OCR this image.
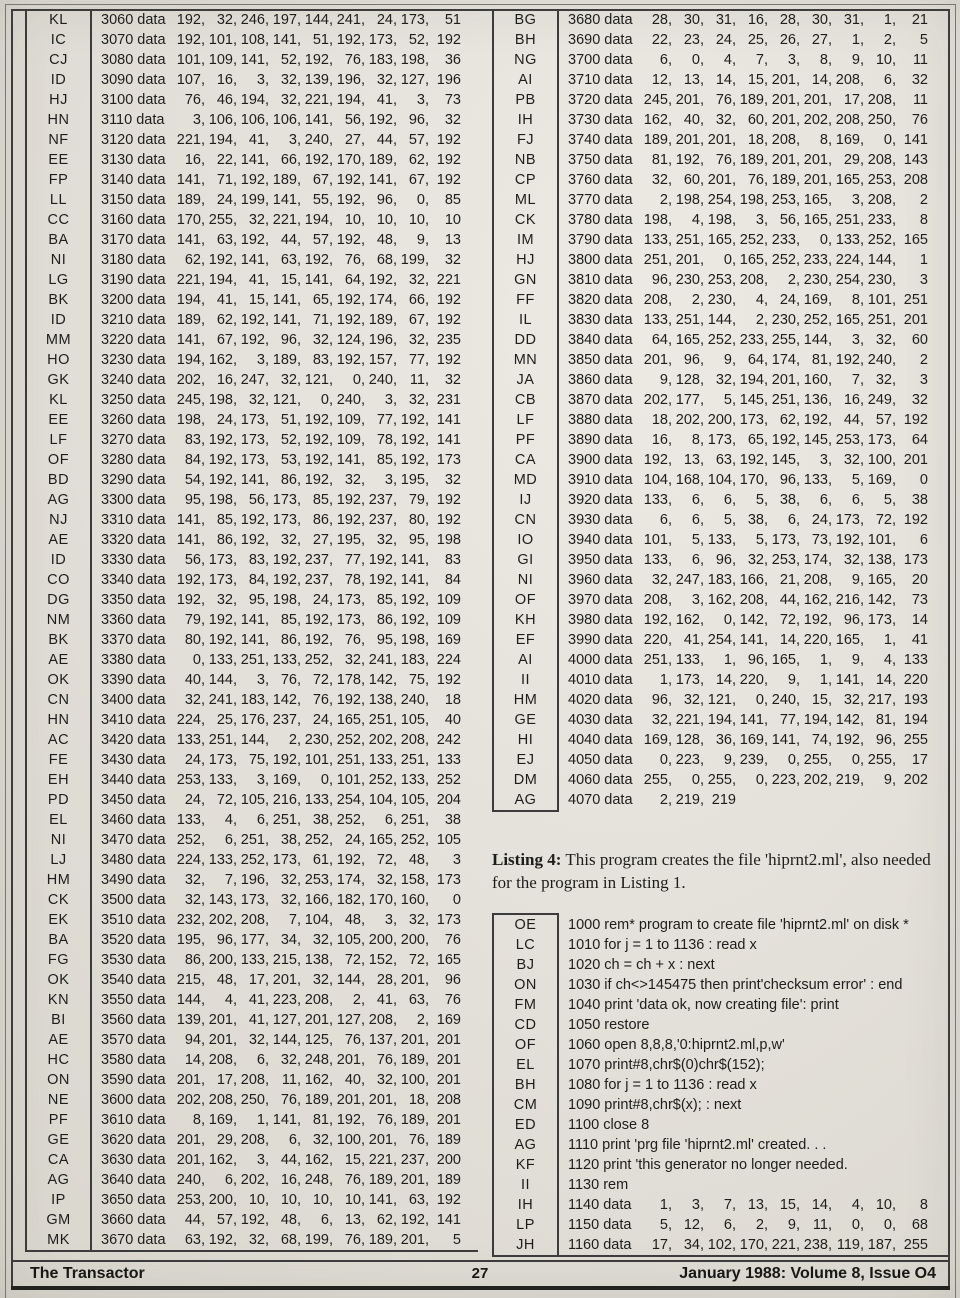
KL	3060 data 192, 32, 246, 197, 144, 241, 24, 173, 51
IC	3070 data 192, 101, 108, 141, 51, 192, 173, 52, 192
CJ	3080 data 101, 109, 141, 52, 192, 76, 183, 198, 36
ID	3090 data 107, 16, 3, 32, 139, 196, 32, 127, 196
HJ	3100 data 76, 46, 194, 32, 221, 194, 41, 3, 73
HN	3110 data 3, 106, 106, 106, 141, 56, 192, 96, 32
NF	3120 data 221, 194, 41, 3, 240, 27, 44, 57, 192
EE	3130 data 16, 22, 141, 66, 192, 170, 189, 62, 192
FP	3140 data 141, 71, 192, 189, 67, 192, 141, 67, 192
LL	3150 data 189, 24, 199, 141, 55, 192, 96, 0, 85
CC	3160 data 170, 255, 32, 221, 194, 10, 10, 10, 10
BA	3170 data 141, 63, 192, 44, 57, 192, 48, 9, 13
NI	3180 data 62, 192, 141, 63, 192, 76, 68, 199, 32
LG	3190 data 221, 194, 41, 15, 141, 64, 192, 32, 221
BK	3200 data 194, 41, 15, 141, 65, 192, 174, 66, 192
ID	3210 data 189, 62, 192, 141, 71, 192, 189, 67, 192
MM	3220 data 141, 67, 192, 96, 32, 124, 196, 32, 235
HO	3230 data 194, 162, 3, 189, 83, 192, 157, 77, 192
GK	3240 data 202, 16, 247, 32, 121, 0, 240, 11, 32
KL	3250 data 245, 198, 32, 121, 0, 240, 3, 32, 231
EE	3260 data 198, 24, 173, 51, 192, 109, 77, 192, 141
LF	3270 data 83, 192, 173, 52, 192, 109, 78, 192, 141
OF	3280 data 84, 192, 173, 53, 192, 141, 85, 192, 173
BD	3290 data 54, 192, 141, 86, 192, 32, 3, 195, 32
AG	3300 data 95, 198, 56, 173, 85, 192, 237, 79, 192
NJ	3310 data 141, 85, 192, 173, 86, 192, 237, 80, 192
AE	3320 data 141, 86, 192, 32, 27, 195, 32, 95, 198
ID	3330 data 56, 173, 83, 192, 237, 77, 192, 141, 83
CO	3340 data 192, 173, 84, 192, 237, 78, 192, 141, 84
DG	3350 data 192, 32, 95, 198, 24, 173, 85, 192, 109
NM	3360 data 79, 192, 141, 85, 192, 173, 86, 192, 109
BK	3370 data 80, 192, 141, 86, 192, 76, 95, 198, 169
AE	3380 data 0, 133, 251, 133, 252, 32, 241, 183, 224
OK	3390 data 40, 144, 3, 76, 72, 178, 142, 75, 192
CN	3400 data 32, 241, 183, 142, 76, 192, 138, 240, 18
HN	3410 data 224, 25, 176, 237, 24, 165, 251, 105, 40
AC	3420 data 133, 251, 144, 2, 230, 252, 202, 208, 242
FE	3430 data 24, 173, 75, 192, 101, 251, 133, 251, 133
EH	3440 data 253, 133, 3, 169, 0, 101, 252, 133, 252
PD	3450 data 24, 72, 105, 216, 133, 254, 104, 105, 204
EL	3460 data 133, 4, 6, 251, 38, 252, 6, 251, 38
NI	3470 data 252, 6, 251, 38, 252, 24, 165, 252, 105
LJ	3480 data 224, 133, 252, 173, 61, 192, 72, 48, 3
HM	3490 data 32, 7, 196, 32, 253, 174, 32, 158, 173
CK	3500 data 32, 143, 173, 32, 166, 182, 170, 160, 0
EK	3510 data 232, 202, 208, 7, 104, 48, 3, 32, 173
BA	3520 data 195, 96, 177, 34, 32, 105, 200, 200, 76
FG	3530 data 86, 200, 133, 215, 138, 72, 152, 72, 165
OK	3540 data 215, 48, 17, 201, 32, 144, 28, 201, 96
KN	3550 data 144, 4, 41, 223, 208, 2, 41, 63, 76
BI	3560 data 139, 201, 41, 127, 201, 127, 208, 2, 169
AE	3570 data 94, 201, 32, 144, 125, 76, 137, 201, 201
HC	3580 data 14, 208, 6, 32, 248, 201, 76, 189, 201
ON	3590 data 201, 17, 208, 11, 162, 40, 32, 100, 201
NE	3600 data 202, 208, 250, 76, 189, 201, 201, 18, 208
PF	3610 data 8, 169, 1, 141, 81, 192, 76, 189, 201
GE	3620 data 201, 29, 208, 6, 32, 100, 201, 76, 189
CA	3630 data 201, 162, 3, 44, 162, 15, 221, 237, 200
AG	3640 data 240, 6, 202, 16, 248, 76, 189, 201, 189
IP	3650 data 253, 200, 10, 10, 10, 10, 141, 63, 192
GM	3660 data 44, 57, 192, 48, 6, 13, 62, 192, 141
MK	3670 data 63, 192, 32, 68, 199, 76, 189, 201, 5
BG	3680 data 28, 30, 31, 16, 28, 30, 31, 1, 21
BH	3690 data 22, 23, 24, 25, 26, 27, 1, 2, 5
NG	3700 data 6, 0, 4, 7, 3, 8, 9, 10, 11
AI	3710 data 12, 13, 14, 15, 201, 14, 208, 6, 32
PB	3720 data 245, 201, 76, 189, 201, 201, 17, 208, 11
IH	3730 data 162, 40, 32, 60, 201, 202, 208, 250, 76
FJ	3740 data 189, 201, 201, 18, 208, 8, 169, 0, 141
NB	3750 data 81, 192, 76, 189, 201, 201, 29, 208, 143
CP	3760 data 32, 60, 201, 76, 189, 201, 165, 253, 208
ML	3770 data 2, 198, 254, 198, 253, 165, 3, 208, 2
CK	3780 data 198, 4, 198, 3, 56, 165, 251, 233, 8
IM	3790 data 133, 251, 165, 252, 233, 0, 133, 252, 165
HJ	3800 data 251, 201, 0, 165, 252, 233, 224, 144, 1
GN	3810 data 96, 230, 253, 208, 2, 230, 254, 230, 3
FF	3820 data 208, 2, 230, 4, 24, 169, 8, 101, 251
IL	3830 data 133, 251, 144, 2, 230, 252, 165, 251, 201
DD	3840 data 64, 165, 252, 233, 255, 144, 3, 32, 60
MN	3850 data 201, 96, 9, 64, 174, 81, 192, 240, 2
JA	3860 data 9, 128, 32, 194, 201, 160, 7, 32, 3
CB	3870 data 202, 177, 5, 145, 251, 136, 16, 249, 32
LF	3880 data 18, 202, 200, 173, 62, 192, 44, 57, 192
PF	3890 data 16, 8, 173, 65, 192, 145, 253, 173, 64
CA	3900 data 192, 13, 63, 192, 145, 3, 32, 100, 201
MD	3910 data 104, 168, 104, 170, 96, 133, 5, 169, 0
IJ	3920 data 133, 6, 6, 5, 38, 6, 6, 5, 38
CN	3930 data 6, 6, 5, 38, 6, 24, 173, 72, 192
IO	3940 data 101, 5, 133, 5, 173, 73, 192, 101, 6
GI	3950 data 133, 6, 96, 32, 253, 174, 32, 138, 173
NI	3960 data 32, 247, 183, 166, 21, 208, 9, 165, 20
OF	3970 data 208, 3, 162, 208, 44, 162, 216, 142, 73
KH	3980 data 192, 162, 0, 142, 72, 192, 96, 173, 14
EF	3990 data 220, 41, 254, 141, 14, 220, 165, 1, 41
AI	4000 data 251, 133, 1, 96, 165, 1, 9, 4, 133
II	4010 data 1, 173, 14, 220, 9, 1, 141, 14, 220
HM	4020 data 96, 32, 121, 0, 240, 15, 32, 217, 193
GE	4030 data 32, 221, 194, 141, 77, 194, 142, 81, 194
HI	4040 data 169, 128, 36, 169, 141, 74, 192, 96, 255
EJ	4050 data 0, 223, 9, 239, 0, 255, 0, 255, 17
DM	4060 data 255, 0, 255, 0, 223, 202, 219, 9, 202
AG	4070 data 2, 219, 219
Listing 4: This program creates the file 'hiprnt2.ml', also needed for the program in Listing 1.
OE	1000 rem* program to create file 'hiprnt2.ml' on disk *
LC	1010 for j = 1 to 1136 : read x
BJ	1020 ch = ch + x : next
ON	1030 if ch<>145475 then print'checksum error' : end
FM	1040 print 'data ok, now creating file': print
CD	1050 restore
OF	1060 open 8,8,8,'0:hiprnt2.ml,p,w'
EL	1070 print#8,chr$(0)chr$(152);
BH	1080 for j = 1 to 1136 : read x
CM	1090 print#8,chr$(x); : next
ED	1100 close 8
AG	1110 print 'prg file 'hiprnt2.ml' created. . .
KF	1120 print 'this generator no longer needed.
II	1130 rem
IH	1140 data 1, 3, 7, 13, 15, 14, 4, 10, 8
LP	1150 data 5, 12, 6, 2, 9, 11, 0, 0, 68
JH	1160 data 17, 34, 102, 170, 221, 238, 119, 187, 255
27
The Transactor	January 1988: Volume 8, Issue O4
